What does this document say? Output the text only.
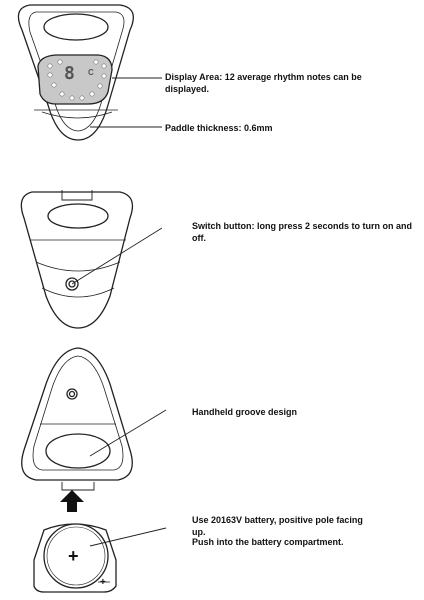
8 C
+
+
Display Area: 12 average rhythm notes can be displayed.
Paddle thickness: 0.6mm
Switch button: long press 2 seconds to turn on and off.
Handheld groove design
Use 20163V battery, positive pole facing up.
Push into the battery compartment.
